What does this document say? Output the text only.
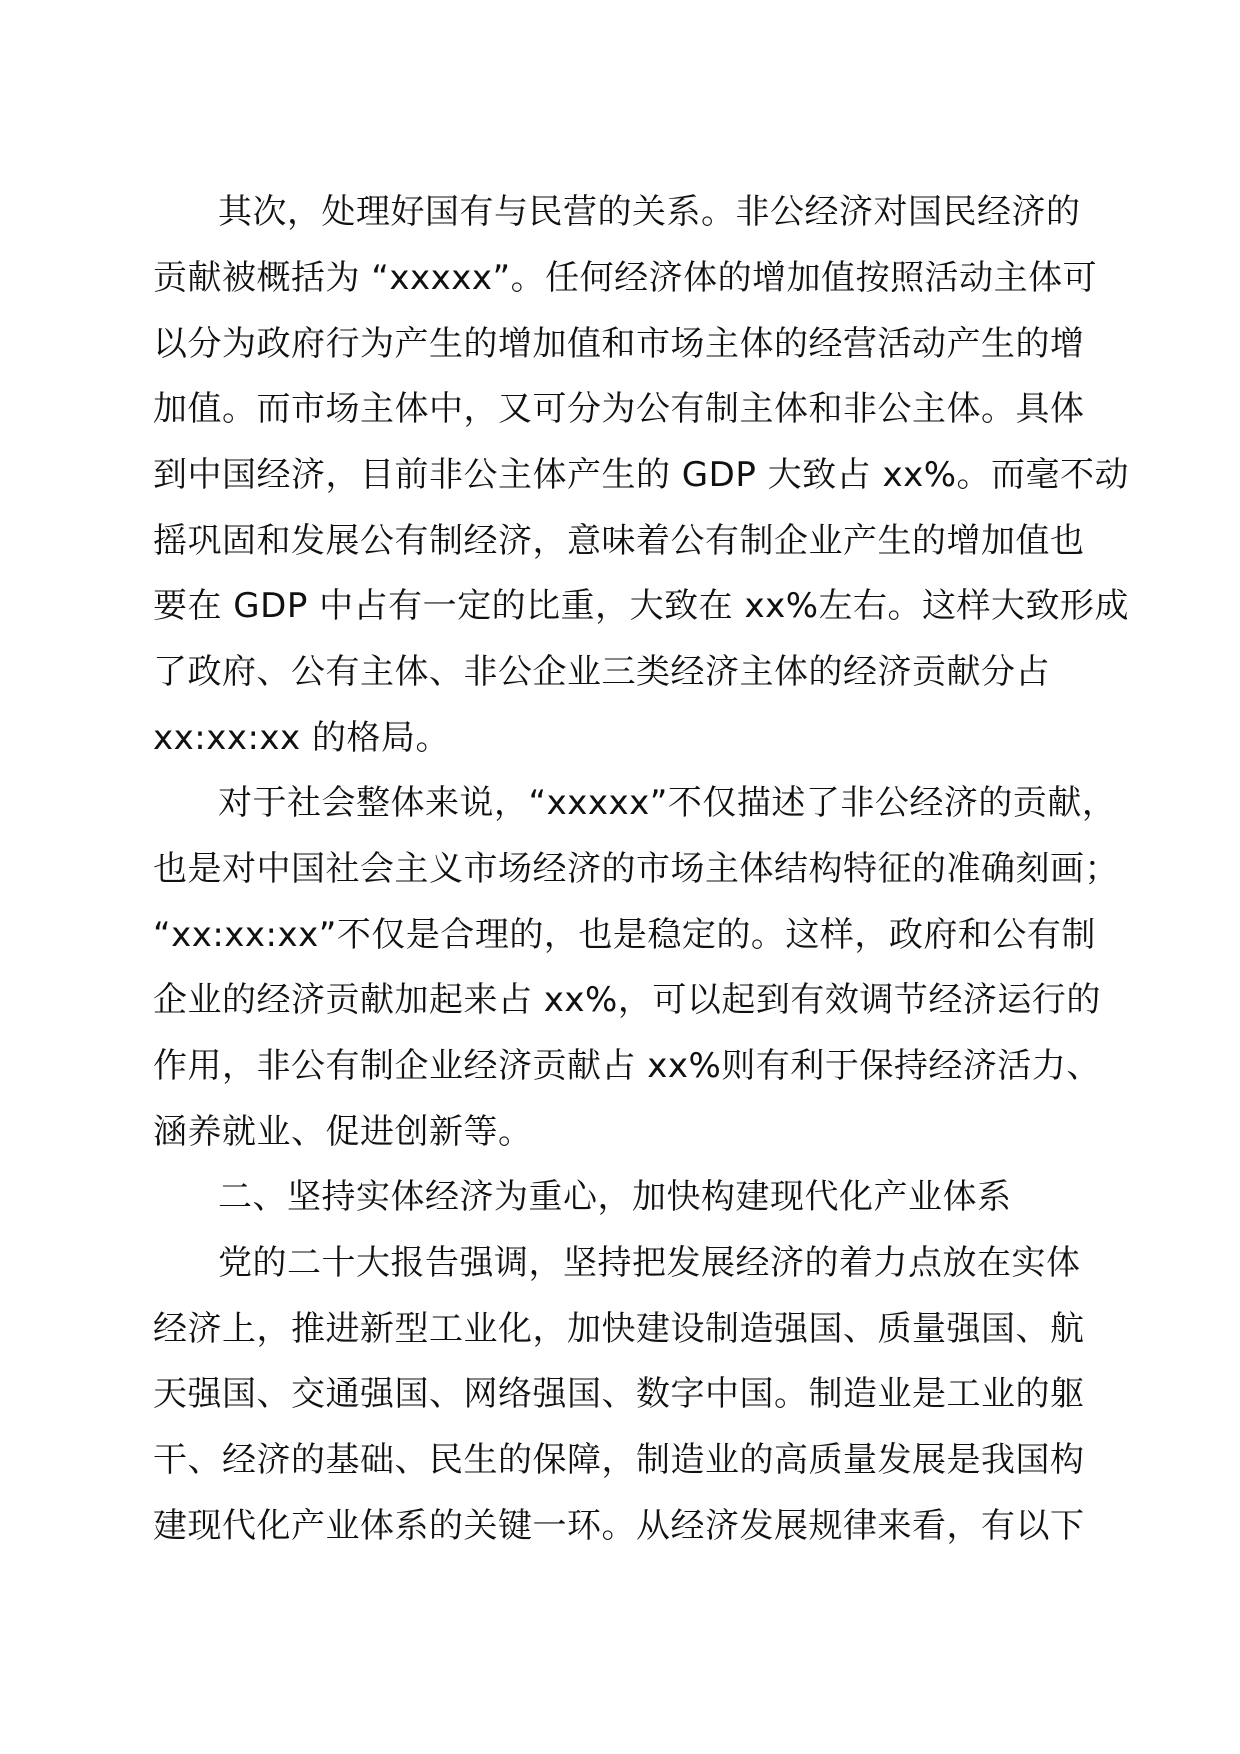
其次，处理好国有与民营的关系。非公经济对国民经济的
贡献被概括为 “xxxxx”。任何经济体的增加值按照活动主体可
以分为政府行为产生的增加值和市场主体的经营活动产生的增
加值。而市场主体中，又可分为公有制主体和非公主体。具体
到中国经济，目前非公主体产生的 GDP 大致占 xx%。而毫不动
摇巩固和发展公有制经济，意味着公有制企业产生的增加值也
要在 GDP 中占有一定的比重，大致在 xx%左右。这样大致形成
了政府、公有主体、非公企业三类经济主体的经济贡献分占
xx:xx:xx 的格局。
对于社会整体来说，“xxxxx”不仅描述了非公经济的贡献，
也是对中国社会主义市场经济的市场主体结构特征的准确刻画；
“xx:xx:xx”不仅是合理的，也是稳定的。这样，政府和公有制
企业的经济贡献加起来占 xx%，可以起到有效调节经济运行的
作用，非公有制企业经济贡献占 xx%则有利于保持经济活力、
涵养就业、促进创新等。
二、坚持实体经济为重心，加快构建现代化产业体系
党的二十大报告强调，坚持把发展经济的着力点放在实体
经济上，推进新型工业化，加快建设制造强国、质量强国、航
天强国、交通强国、网络强国、数字中国。制造业是工业的躯
干、经济的基础、民生的保障，制造业的高质量发展是我国构
建现代化产业体系的关键一环。从经济发展规律来看，有以下
